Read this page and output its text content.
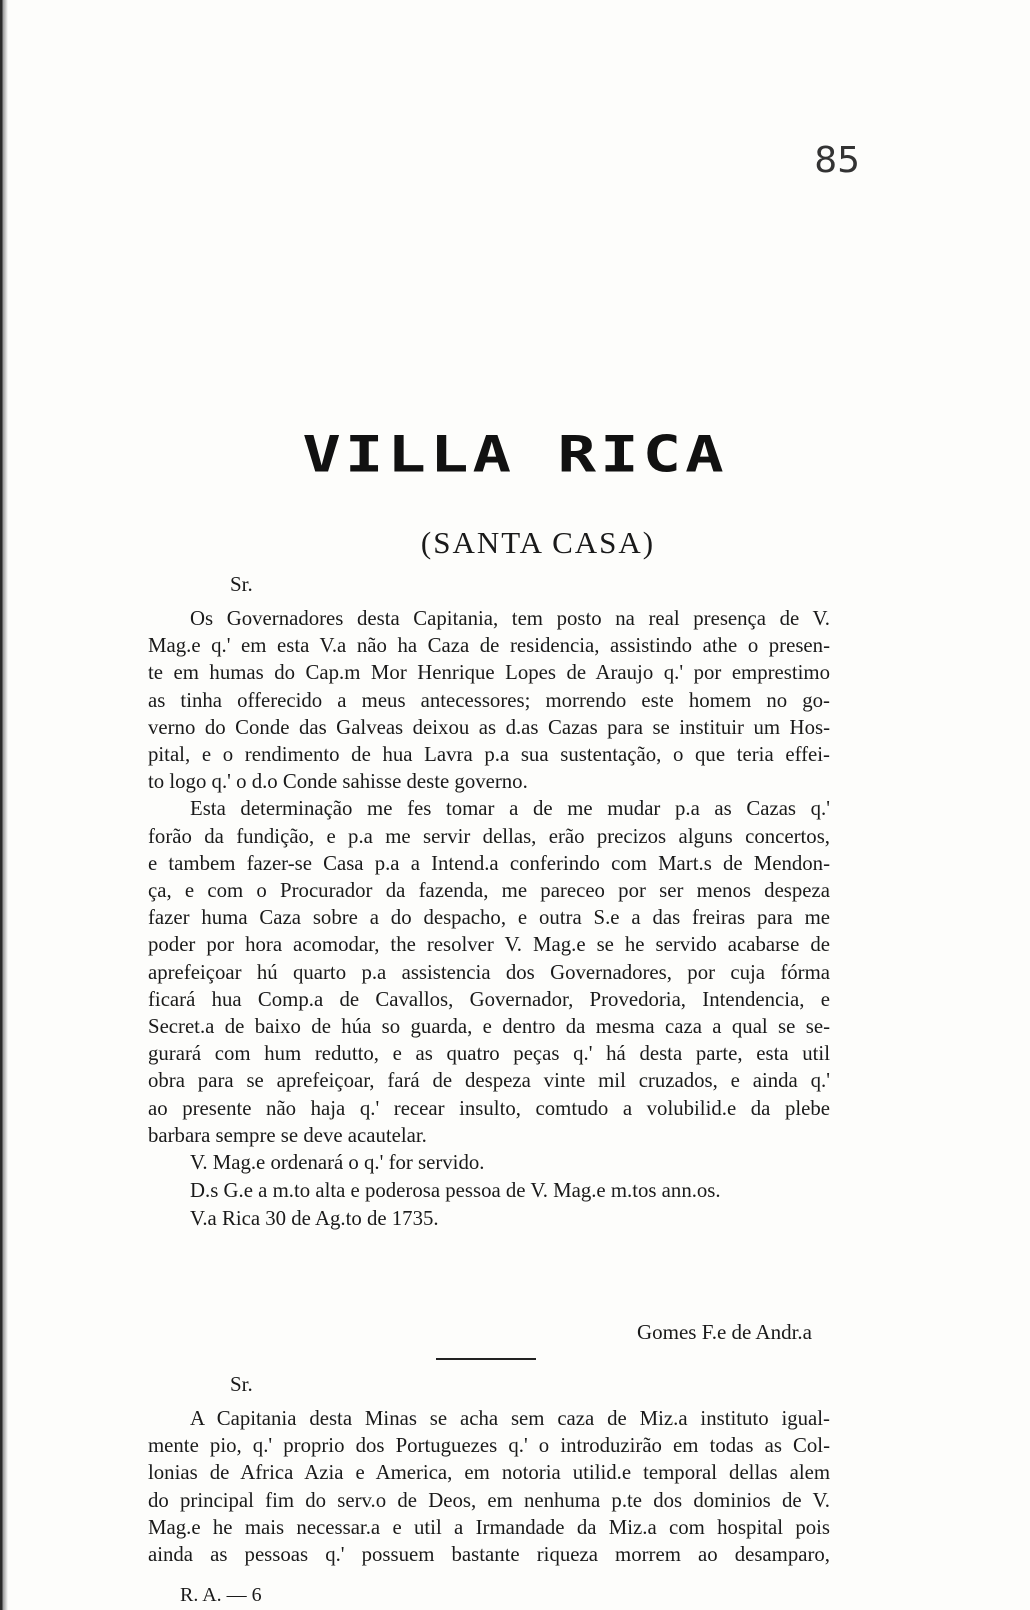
85
VILLA RICA
(SANTA CASA)
Sr.
Os Governadores desta Capitania, tem posto na real presença de V.
Mag.e q.' em esta V.a não ha Caza de residencia, assistindo athe o presen-
te em humas do Cap.m Mor Henrique Lopes de Araujo q.' por emprestimo
as tinha offerecido a meus antecessores; morrendo este homem no go-
verno do Conde das Galveas deixou as d.as Cazas para se instituir um Hos-
pital, e o rendimento de hua Lavra p.a sua sustentação, o que teria effei-
to logo q.' o d.o Conde sahisse deste governo.
Esta determinação me fes tomar a de me mudar p.a as Cazas q.'
forão da fundição, e p.a me servir dellas, erão precizos alguns concertos,
e tambem fazer-se Casa p.a a Intend.a conferindo com Mart.s de Mendon-
ça, e com o Procurador da fazenda, me pareceo por ser menos despeza
fazer huma Caza sobre a do despacho, e outra S.e a das freiras para me
poder por hora acomodar, the resolver V. Mag.e se he servido acabarse de
aprefeiçoar hú quarto p.a assistencia dos Governadores, por cuja fórma
ficará hua Comp.a de Cavallos, Governador, Provedoria, Intendencia, e
Secret.a de baixo de húa so guarda, e dentro da mesma caza a qual se se-
gurará com hum redutto, e as quatro peças q.' há desta parte, esta util
obra para se aprefeiçoar, fará de despeza vinte mil cruzados, e ainda q.'
ao presente não haja q.' recear insulto, comtudo a volubilid.e da plebe
barbara sempre se deve acautelar.
V. Mag.e ordenará o q.' for servido.
D.s G.e a m.to alta e poderosa pessoa de V. Mag.e m.tos ann.os.
V.a Rica 30 de Ag.to de 1735.
Gomes F.e de Andr.a
Sr.
A Capitania desta Minas se acha sem caza de Miz.a instituto igual-
mente pio, q.' proprio dos Portuguezes q.' o introduzirão em todas as Col-
lonias de Africa Azia e America, em notoria utilid.e temporal dellas alem
do principal fim do serv.o de Deos, em nenhuma p.te dos dominios de V.
Mag.e he mais necessar.a e util a Irmandade da Miz.a com hospital pois
ainda as pessoas q.' possuem bastante riqueza morrem ao desamparo,
R. A. — 6
